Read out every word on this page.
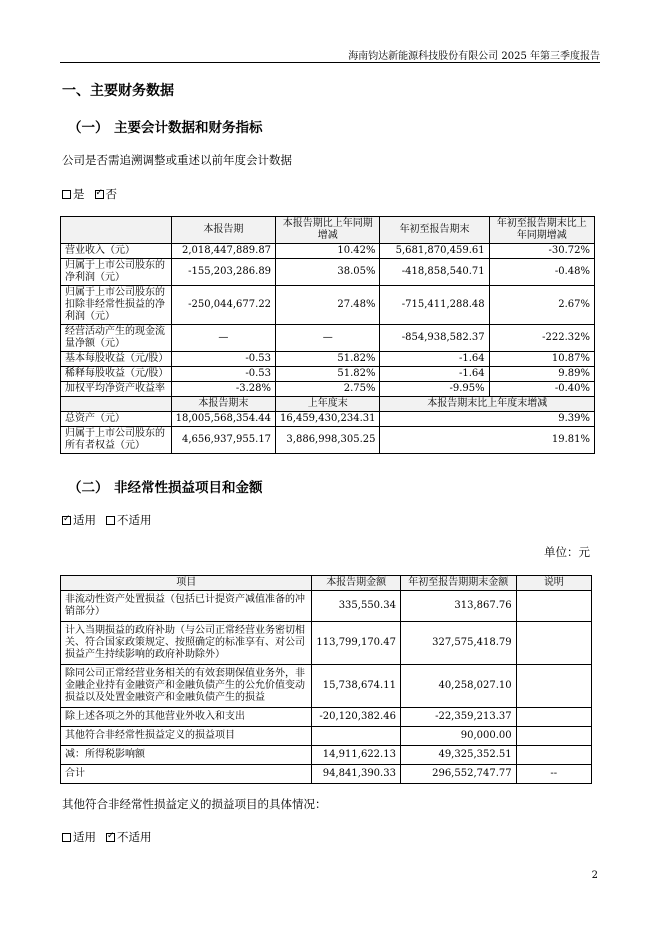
海南钧达新能源科技股份有限公司 2025 年第三季度报告
一、主要财务数据
（一） 主要会计数据和财务指标
公司是否需追溯调整或重述以前年度会计数据
是 ✓ 否
	本报告期	本报告期比上年同期增减	年初至报告期末	年初至报告期末比上年同期增减
营业收入（元）	2,018,447,889.87	10.42%	5,681,870,459.61	-30.72%
归属于上市公司股东的净利润（元）	-155,203,286.89	38.05%	-418,858,540.71	-0.48%
归属于上市公司股东的扣除非经常性损益的净利润（元）	-250,044,677.22	27.48%	-715,411,288.48	2.67%
经营活动产生的现金流量净额（元）	—	—	-854,938,582.37	-222.32%
基本每股收益（元/股）	-0.53	51.82%	-1.64	10.87%
稀释每股收益（元/股）	-0.53	51.82%	-1.64	9.89%
加权平均净资产收益率	-3.28%	2.75%	-9.95%	-0.40%
	本报告期末	上年度末	本报告期末比上年度末增减	
总资产（元）	18,005,568,354.44	16,459,430,234.31	9.39%	
归属于上市公司股东的所有者权益（元）	4,656,937,955.17	3,886,998,305.25	19.81%	
（二） 非经常性损益项目和金额
✓适用 不适用
单位：元
项目	本报告期金额	年初至报告期期末金额	说明
非流动性资产处置损益（包括已计提资产减值准备的冲销部分）	335,550.34	313,867.76	
计入当期损益的政府补助（与公司正常经营业务密切相关、符合国家政策规定、按照确定的标准享有、对公司损益产生持续影响的政府补助除外）	113,799,170.47	327,575,418.79	
除同公司正常经营业务相关的有效套期保值业务外，非金融企业持有金融资产和金融负债产生的公允价值变动损益以及处置金融资产和金融负债产生的损益	15,738,674.11	40,258,027.10	
除上述各项之外的其他营业外收入和支出	-20,120,382.46	-22,359,213.37	
其他符合非经常性损益定义的损益项目		90,000.00	
减：所得税影响额	14,911,622.13	49,325,352.51	
合计	94,841,390.33	296,552,747.77	--
其他符合非经常性损益定义的损益项目的具体情况：
适用 ✓ 不适用
2
